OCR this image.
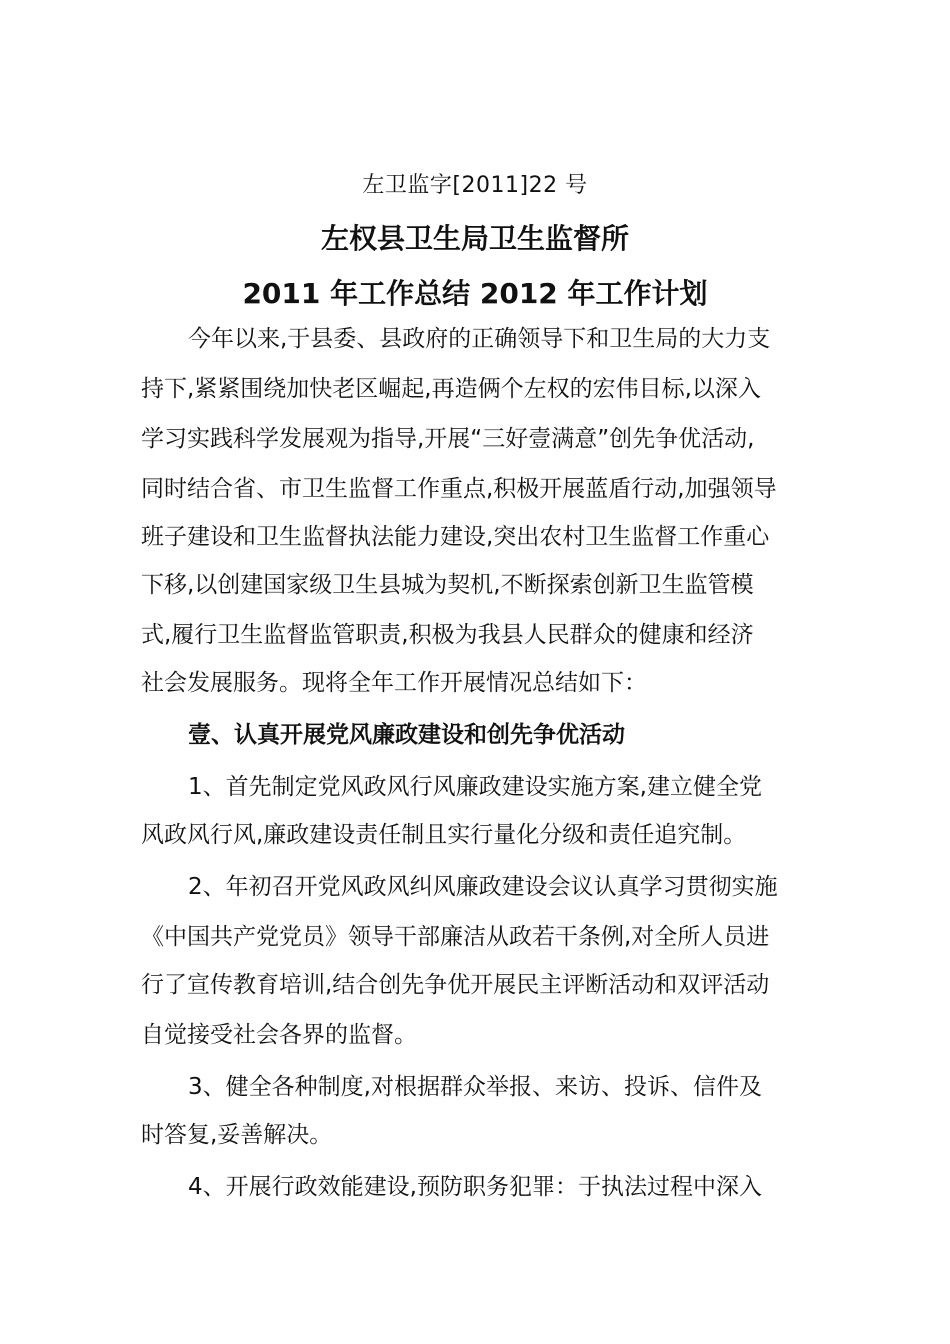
左卫监字[2011]22 号
左权县卫生局卫生监督所
2011 年工作总结 2012 年工作计划
今年以来,于县委、县政府的正确领导下和卫生局的大力支
持下,紧紧围绕加快老区崛起,再造俩个左权的宏伟目标,以深入
学习实践科学发展观为指导,开展“三好壹满意”创先争优活动,
同时结合省、市卫生监督工作重点,积极开展蓝盾行动,加强领导
班子建设和卫生监督执法能力建设,突出农村卫生监督工作重心
下移,以创建国家级卫生县城为契机,不断探索创新卫生监管模
式,履行卫生监督监管职责,积极为我县人民群众的健康和经济
社会发展服务。现将全年工作开展情况总结如下：
壹、认真开展党风廉政建设和创先争优活动
1、首先制定党风政风行风廉政建设实施方案,建立健全党
风政风行风,廉政建设责任制且实行量化分级和责任追究制。
2、年初召开党风政风纠风廉政建设会议认真学习贯彻实施
《中国共产党党员》领导干部廉洁从政若干条例,对全所人员进
行了宣传教育培训,结合创先争优开展民主评断活动和双评活动
自觉接受社会各界的监督。
3、健全各种制度,对根据群众举报、来访、投诉、信件及
时答复,妥善解决。
4、开展行政效能建设,预防职务犯罪：于执法过程中深入
